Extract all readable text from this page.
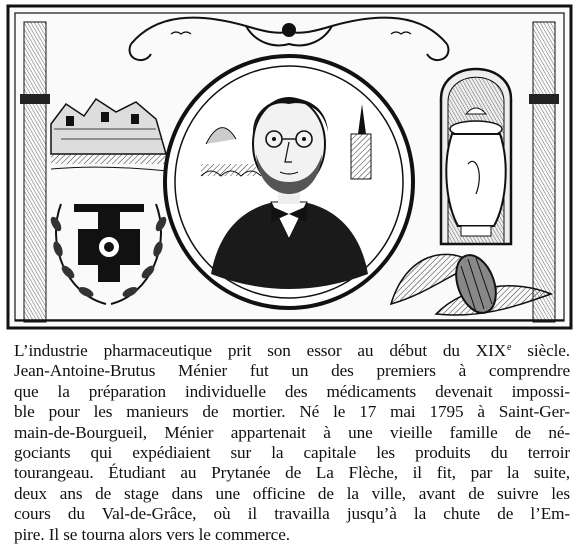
L’industrie pharmaceutique prit son essor au début du XIXe siècle.
Jean-Antoine-Brutus Ménier fut un des premiers à comprendre
que la préparation individuelle des médicaments devenait impossi-
ble pour les manieurs de mortier. Né le 17 mai 1795 à Saint-Ger-
main-de-Bourgueil, Ménier appartenait à une vieille famille de né-
gociants qui expédiaient sur la capitale les produits du terroir
tourangeau. Étudiant au Prytanée de La Flèche, il fit, par la suite,
deux ans de stage dans une officine de la ville, avant de suivre les
cours du Val-de-Grâce, où il travailla jusqu’à la chute de l’Em-
pire. Il se tourna alors vers le commerce.
